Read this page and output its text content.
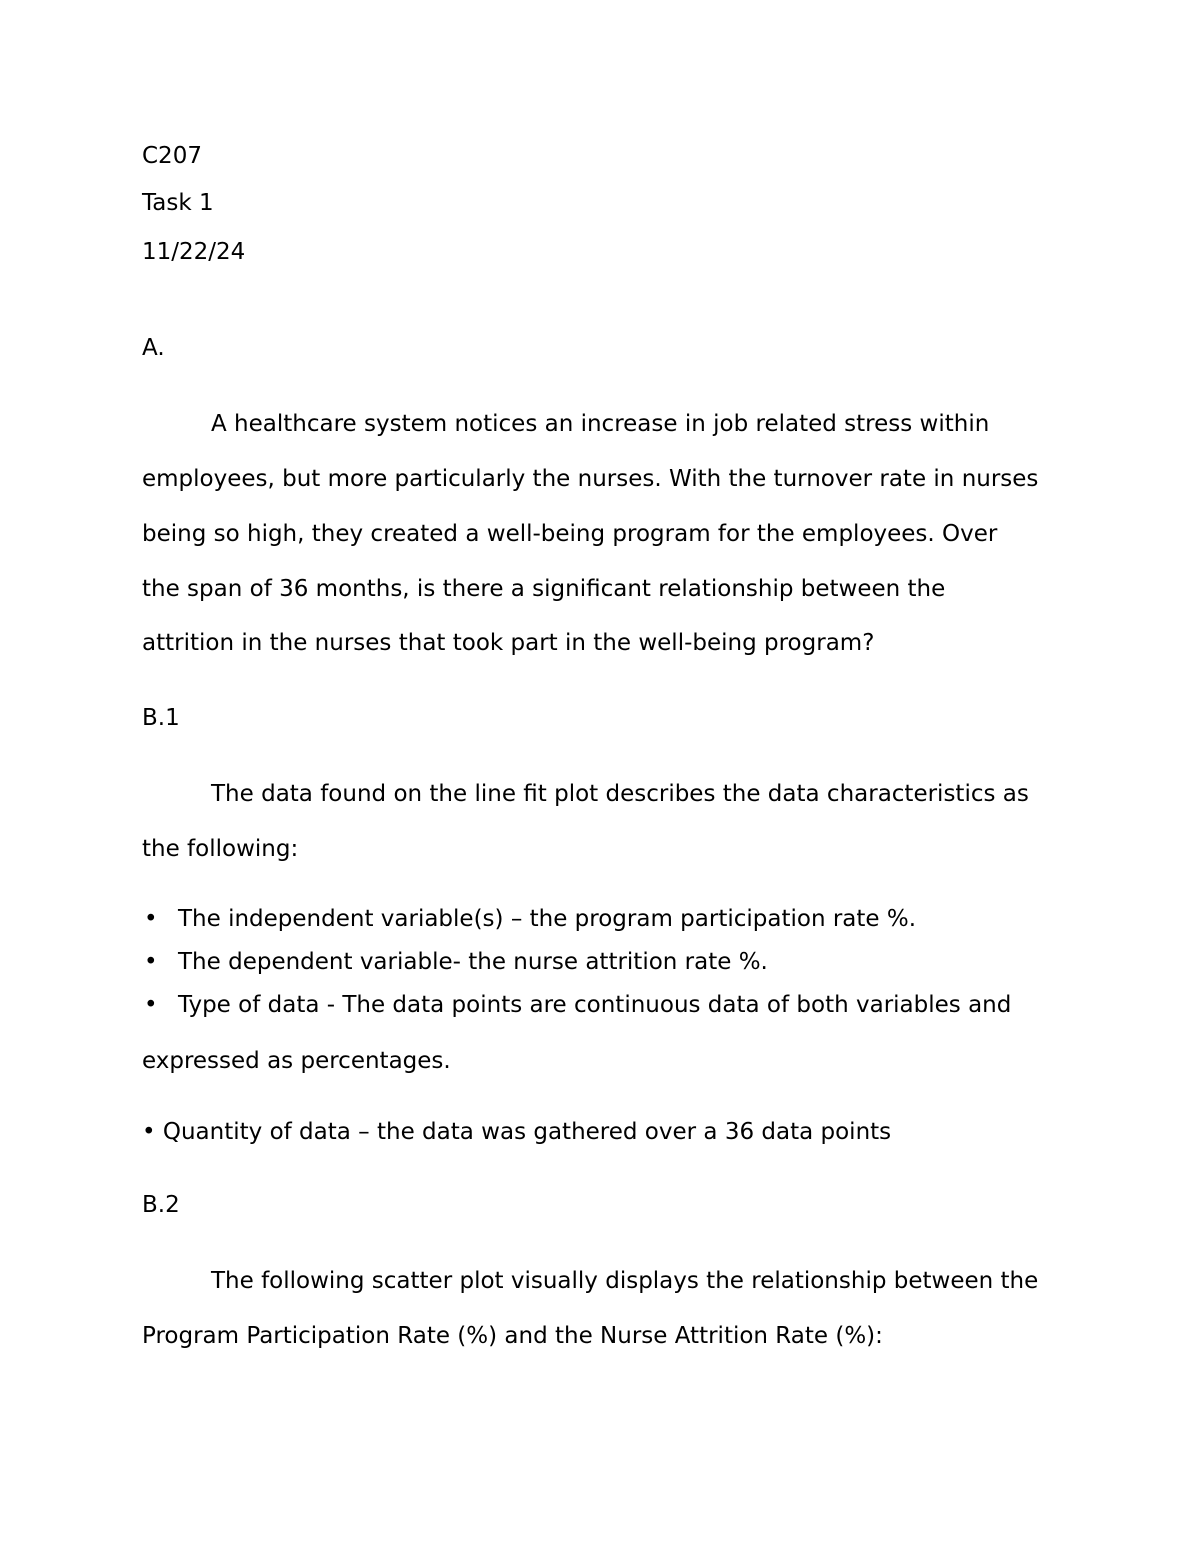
C207
Task 1
11/22/24
A.
A healthcare system notices an increase in job related stress within
employees, but more particularly the nurses. With the turnover rate in nurses
being so high, they created a well-being program for the employees. Over
the span of 36 months, is there a significant relationship between the
attrition in the nurses that took part in the well-being program?
B.1
The data found on the line fit plot describes the data characteristics as
the following:
• The independent variable(s) – the program participation rate %.
• The dependent variable- the nurse attrition rate %.
• Type of data - The data points are continuous data of both variables and
expressed as percentages.
• Quantity of data – the data was gathered over a 36 data points
B.2
The following scatter plot visually displays the relationship between the
Program Participation Rate (%) and the Nurse Attrition Rate (%):
